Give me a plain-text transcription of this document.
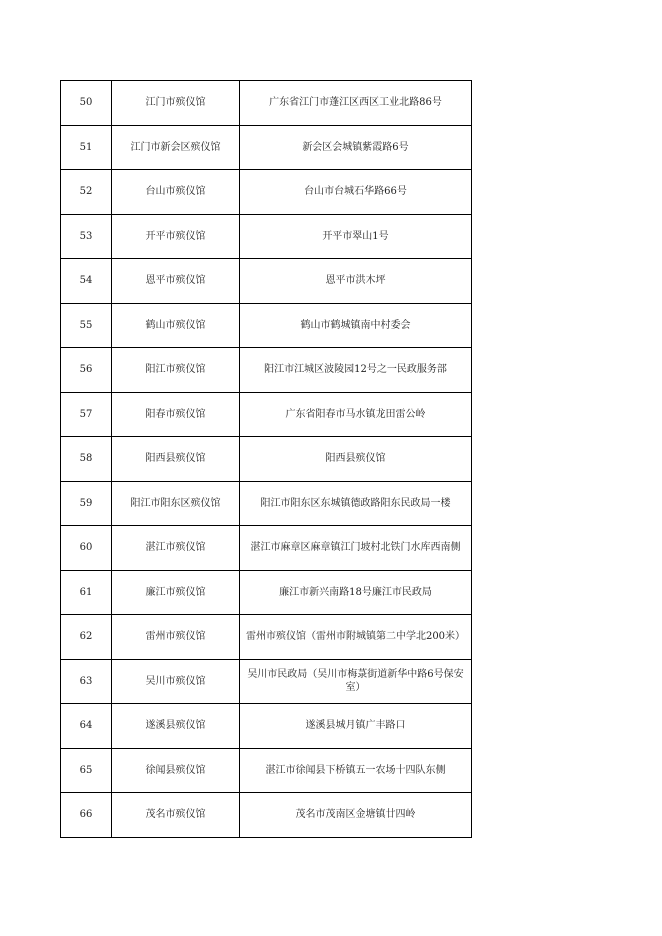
50	江门市殡仪馆	广东省江门市蓬江区西区工业北路86号
51	江门市新会区殡仪馆	新会区会城镇紫霞路6号
52	台山市殡仪馆	台山市台城石华路66号
53	开平市殡仪馆	开平市翠山1号
54	恩平市殡仪馆	恩平市洪木坪
55	鹤山市殡仪馆	鹤山市鹤城镇南中村委会
56	阳江市殡仪馆	阳江市江城区波陵园12号之一民政服务部
57	阳春市殡仪馆	广东省阳春市马水镇龙田雷公岭
58	阳西县殡仪馆	阳西县殡仪馆
59	阳江市阳东区殡仪馆	阳江市阳东区东城镇德政路阳东民政局一楼
60	湛江市殡仪馆	湛江市麻章区麻章镇江门坡村北铁门水库西南侧
61	廉江市殡仪馆	廉江市新兴南路18号廉江市民政局
62	雷州市殡仪馆	雷州市殡仪馆（雷州市附城镇第二中学北200米）
63	吴川市殡仪馆	吴川市民政局（吴川市梅菉街道新华中路6号保安室）
64	遂溪县殡仪馆	遂溪县城月镇广丰路口
65	徐闻县殡仪馆	湛江市徐闻县下桥镇五一农场十四队东侧
66	茂名市殡仪馆	茂名市茂南区金塘镇廿四岭
